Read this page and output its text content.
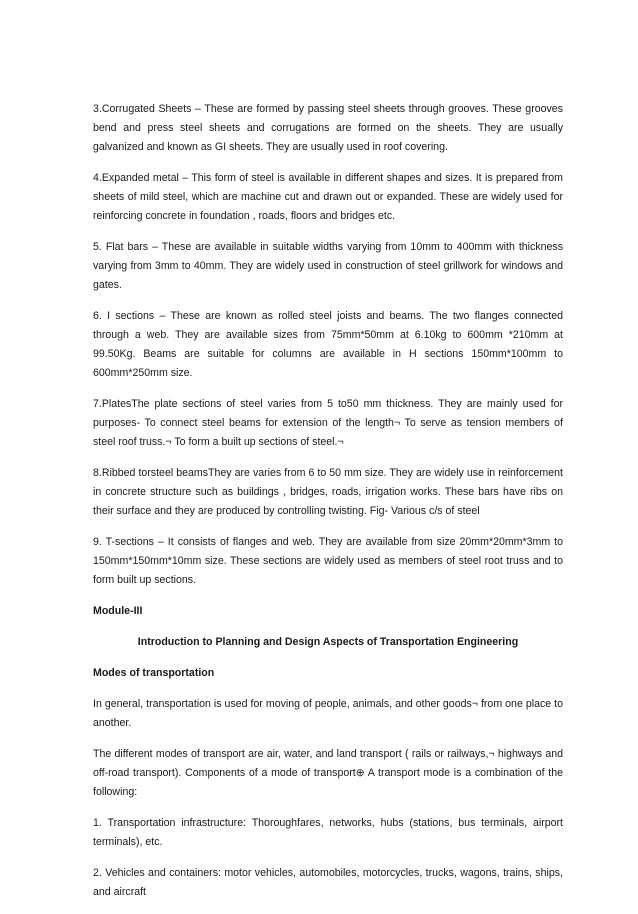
3.Corrugated Sheets – These are formed by passing steel sheets through grooves. These grooves bend and press steel sheets and corrugations are formed on the sheets. They are usually galvanized and known as GI sheets. They are usually used in roof covering.

4.Expanded metal – This form of steel is available in different shapes and sizes. It is prepared from sheets of mild steel, which are machine cut and drawn out or expanded. These are widely used for reinforcing concrete in foundation , roads, floors and bridges etc.

5. Flat bars – These are available in suitable widths varying from 10mm to 400mm with thickness varying from 3mm to 40mm. They are widely used in construction of steel grillwork for windows and gates.

6. I sections – These are known as rolled steel joists and beams. The two flanges connected through a web. They are available sizes from 75mm*50mm at 6.10kg to 600mm *210mm at 99.50Kg. Beams are suitable for columns are available in H sections 150mm*100mm to 600mm*250mm size.

7.PlatesThe plate sections of steel varies from 5 to50 mm thickness. They are mainly used for purposes- To connect steel beams for extension of the length¬ To serve as tension members of steel roof truss.¬ To form a built up sections of steel.¬

8.Ribbed torsteel beamsThey are varies from 6 to 50 mm size. They are widely use in reinforcement in concrete structure such as buildings , bridges, roads, irrigation works. These bars have ribs on their surface and they are produced by controlling twisting. Fig- Various c/s of steel

9. T-sections – It consists of flanges and web. They are available from size 20mm*20mm*3mm to 150mm*150mm*10mm size. These sections are widely used as members of steel root truss and to form built up sections.

Module-III

Introduction to Planning and Design Aspects of Transportation Engineering

Modes of transportation

In general, transportation is used for moving of people, animals, and other goods¬ from one place to another.

The different modes of transport are air, water, and land transport ( rails or railways,¬ highways and off-road transport). Components of a mode of transport⊕ A transport mode is a combination of the following:

1. Transportation infrastructure: Thoroughfares, networks, hubs (stations, bus terminals, airport terminals), etc.

2. Vehicles and containers: motor vehicles, automobiles, motorcycles, trucks, wagons, trains, ships, and aircraft
